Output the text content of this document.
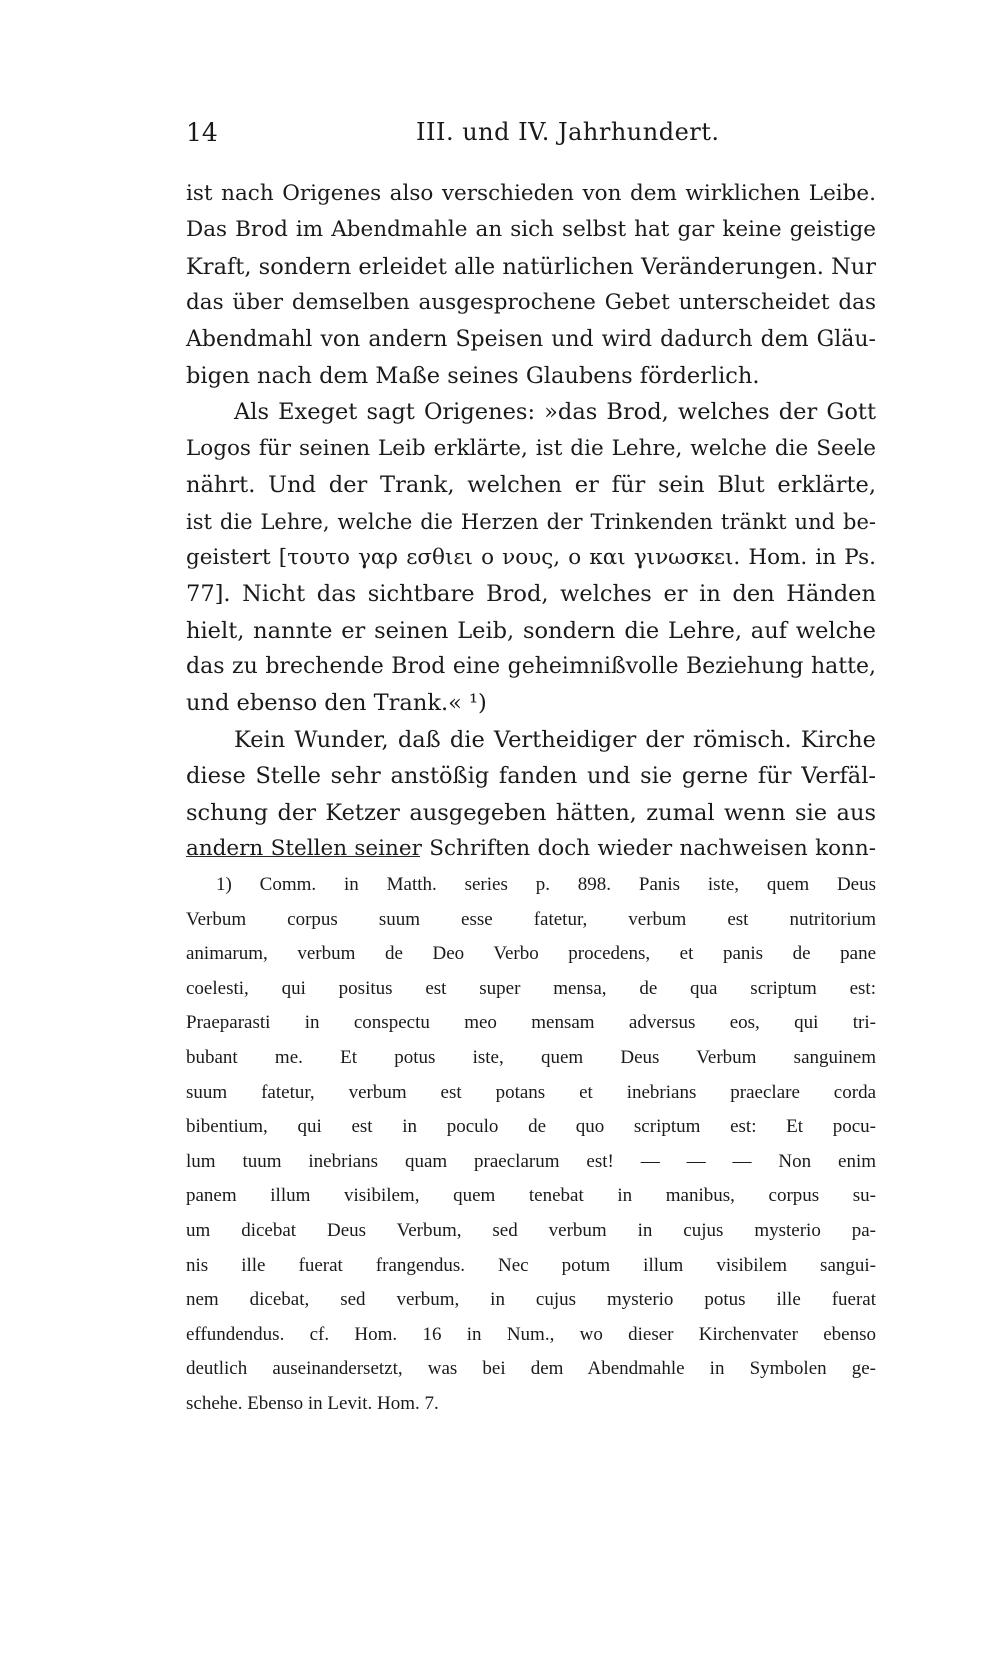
14	III. und IV. Jahrhundert.
ist nach Origenes also verschieden von dem wirklichen Leibe.
Das Brod im Abendmahle an sich selbst hat gar keine geistige
Kraft, sondern erleidet alle natürlichen Veränderungen. Nur
das über demselben ausgesprochene Gebet unterscheidet das
Abendmahl von andern Speisen und wird dadurch dem Gläu-
bigen nach dem Maße seines Glaubens förderlich.
Als Exeget sagt Origenes: »das Brod, welches der Gott
Logos für seinen Leib erklärte, ist die Lehre, welche die Seele
nährt. Und der Trank, welchen er für sein Blut erklärte,
ist die Lehre, welche die Herzen der Trinkenden tränkt und be-
geistert [τουτο γαρ εσθιει ο νους, ο και γινωσκει. Hom. in Ps.
77]. Nicht das sichtbare Brod, welches er in den Händen
hielt, nannte er seinen Leib, sondern die Lehre, auf welche
das zu brechende Brod eine geheimnißvolle Beziehung hatte,
und ebenso den Trank.« ¹)
Kein Wunder, daß die Vertheidiger der römisch. Kirche
diese Stelle sehr anstößig fanden und sie gerne für Verfäl-
schung der Ketzer ausgegeben hätten, zumal wenn sie aus
andern Stellen seiner Schriften doch wieder nachweisen konn-
1) Comm. in Matth. series p. 898. Panis iste, quem Deus
Verbum corpus suum esse fatetur, verbum est nutritorium
animarum, verbum de Deo Verbo procedens, et panis de pane
coelesti, qui positus est super mensa, de qua scriptum est:
Praeparasti in conspectu meo mensam adversus eos, qui tri-
bubant me. Et potus iste, quem Deus Verbum sanguinem
suum fatetur, verbum est potans et inebrians praeclare corda
bibentium, qui est in poculo de quo scriptum est: Et pocu-
lum tuum inebrians quam praeclarum est! — — — Non enim
panem illum visibilem, quem tenebat in manibus, corpus su-
um dicebat Deus Verbum, sed verbum in cujus mysterio pa-
nis ille fuerat frangendus. Nec potum illum visibilem sangui-
nem dicebat, sed verbum, in cujus mysterio potus ille fuerat
effundendus. cf. Hom. 16 in Num., wo dieser Kirchenvater ebenso
deutlich auseinandersetzt, was bei dem Abendmahle in Symbolen ge-
schehe. Ebenso in Levit. Hom. 7.
